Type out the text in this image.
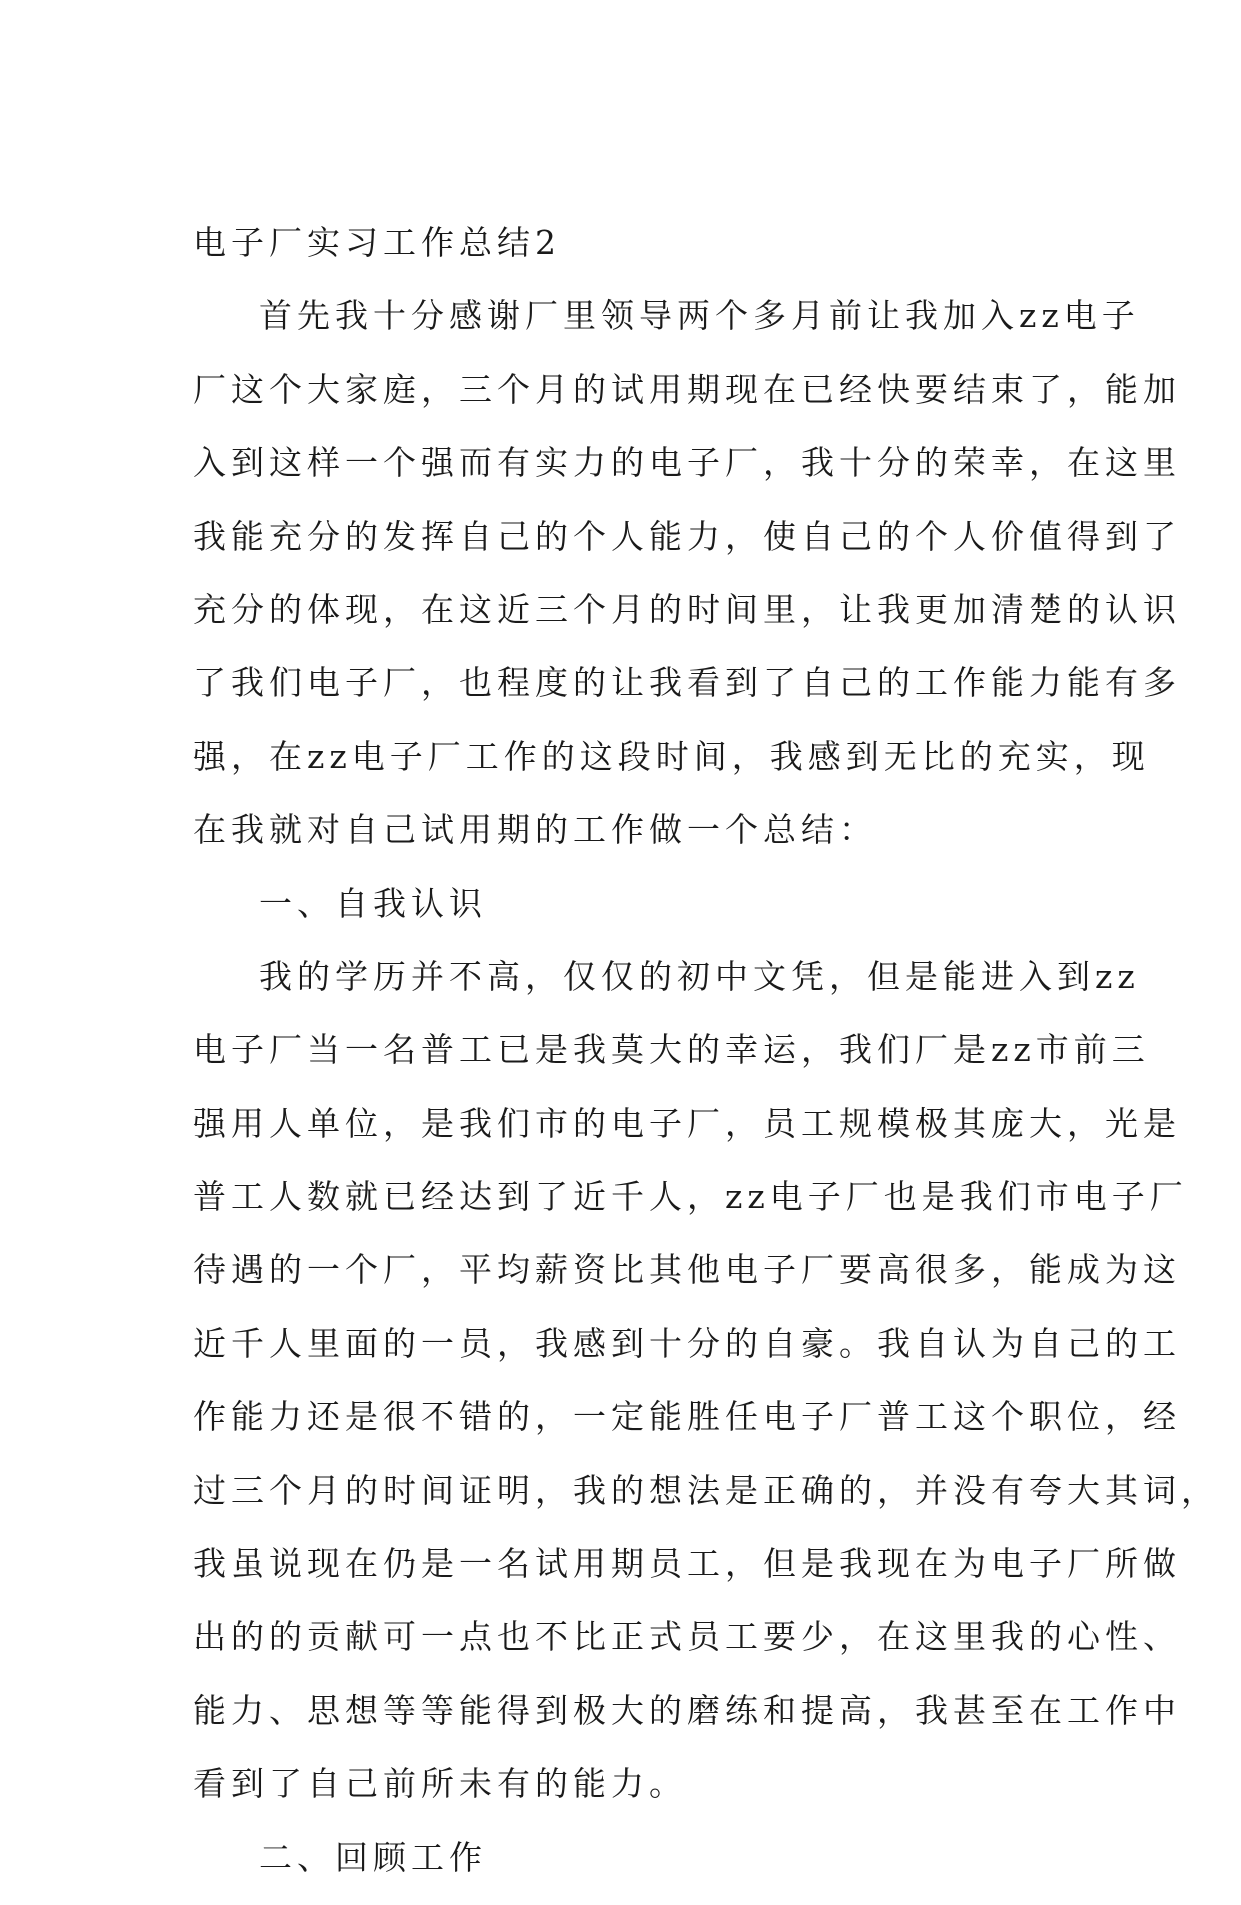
电子厂实习工作总结2

首先我十分感谢厂里领导两个多月前让我加入zz电子

厂这个大家庭，三个月的试用期现在已经快要结束了，能加

入到这样一个强而有实力的电子厂，我十分的荣幸，在这里

我能充分的发挥自己的个人能力，使自己的个人价值得到了

充分的体现，在这近三个月的时间里，让我更加清楚的认识

了我们电子厂，也程度的让我看到了自己的工作能力能有多

强，在zz电子厂工作的这段时间，我感到无比的充实，现

在我就对自己试用期的工作做一个总结：

一、自我认识

我的学历并不高，仅仅的初中文凭，但是能进入到zz

电子厂当一名普工已是我莫大的幸运，我们厂是zz市前三

强用人单位，是我们市的电子厂，员工规模极其庞大，光是

普工人数就已经达到了近千人，zz电子厂也是我们市电子厂

待遇的一个厂，平均薪资比其他电子厂要高很多，能成为这

近千人里面的一员，我感到十分的自豪。我自认为自己的工

作能力还是很不错的，一定能胜任电子厂普工这个职位，经

过三个月的时间证明，我的想法是正确的，并没有夸大其词，

我虽说现在仍是一名试用期员工，但是我现在为电子厂所做

出的的贡献可一点也不比正式员工要少，在这里我的心性、

能力、思想等等能得到极大的磨练和提高，我甚至在工作中

看到了自己前所未有的能力。

二、回顾工作
